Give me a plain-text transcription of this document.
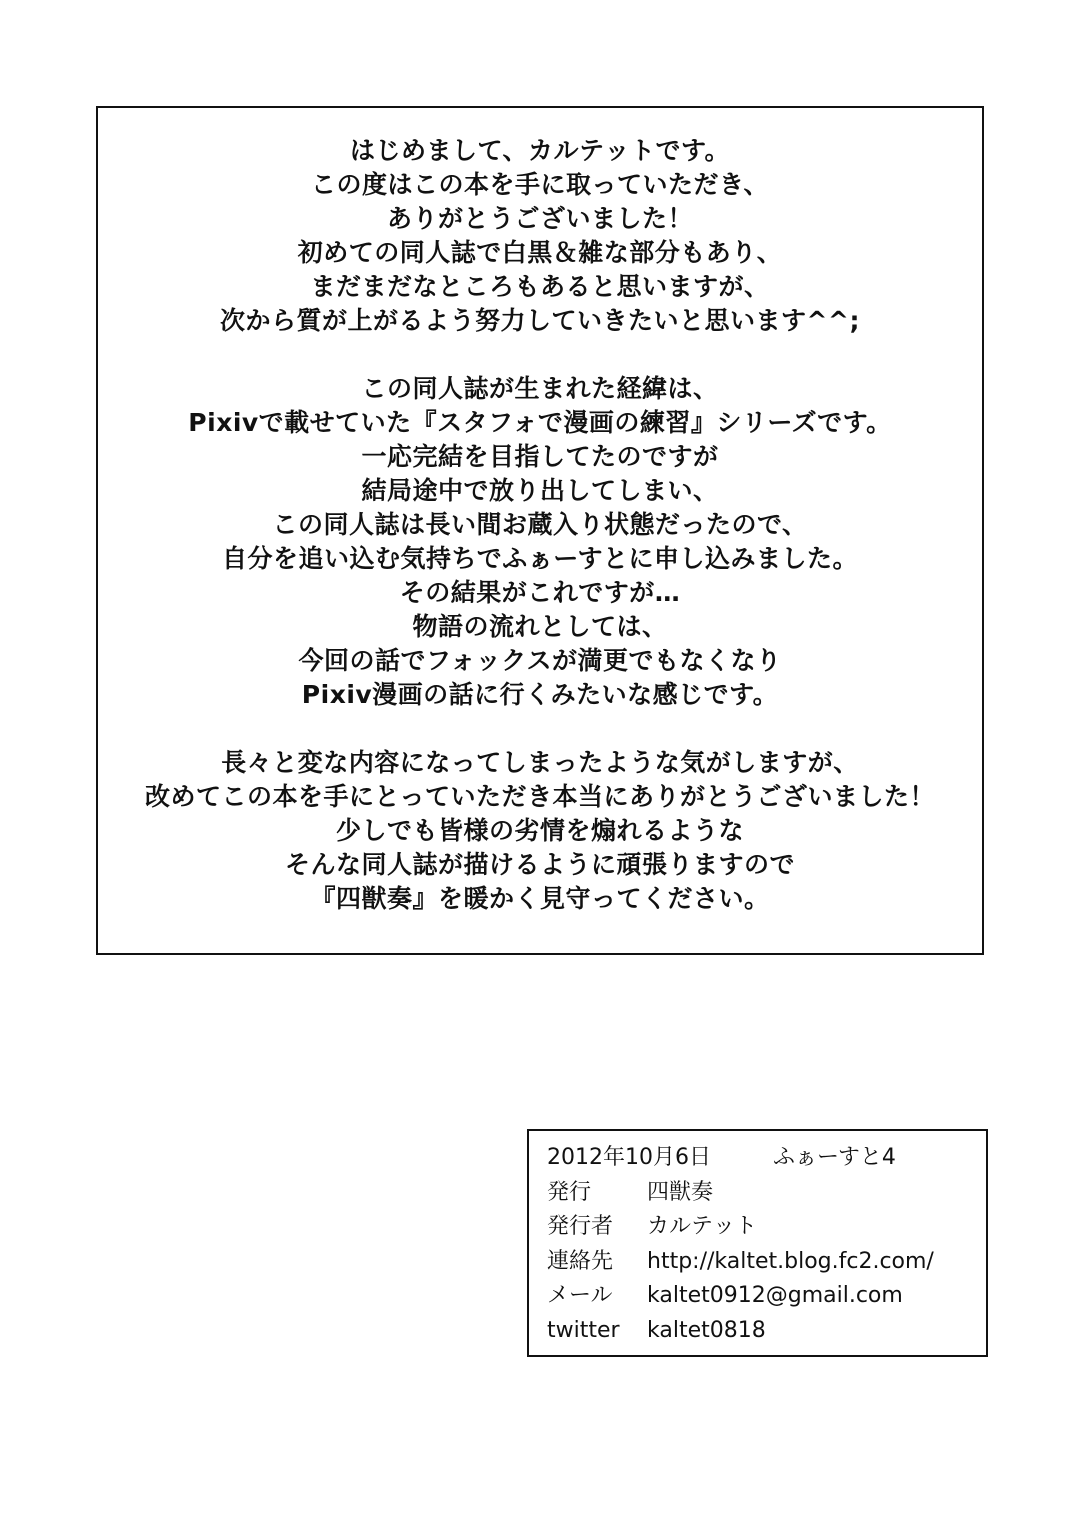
はじめまして、カルテットです。
この度はこの本を手に取っていただき、
ありがとうございました！
初めての同人誌で白黒＆雑な部分もあり、
まだまだなところもあると思いますが、
次から質が上がるよう努力していきたいと思います^^;
この同人誌が生まれた経緯は、
Pixivで載せていた『スタフォで漫画の練習』シリーズです。
一応完結を目指してたのですが
結局途中で放り出してしまい、
この同人誌は長い間お蔵入り状態だったので、
自分を追い込む気持ちでふぁーすとに申し込みました。
その結果がこれですが…
物語の流れとしては、
今回の話でフォックスが満更でもなくなり
Pixiv漫画の話に行くみたいな感じです。
長々と変な内容になってしまったような気がしますが、
改めてこの本を手にとっていただき本当にありがとうございました！
少しでも皆様の劣情を煽れるような
そんな同人誌が描けるように頑張りますので
『四獣奏』を暖かく見守ってください。
2012年10月6日	ふぁーすと4
発行	四獣奏
発行者	カルテット
連絡先	http://kaltet.blog.fc2.com/
メール	kaltet0912@gmail.com
twitter	kaltet0818
